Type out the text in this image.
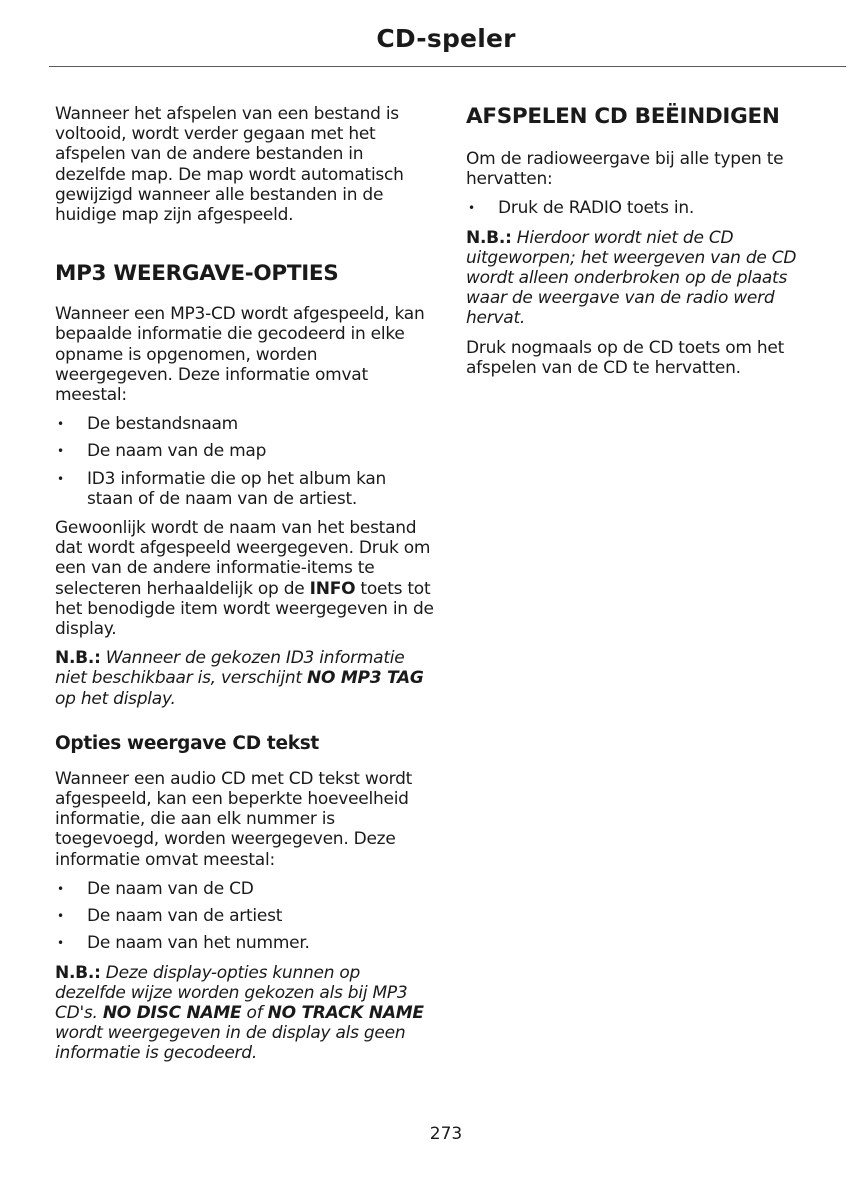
CD-speler

Wanneer het afspelen van een bestand is voltooid, wordt verder gegaan met het afspelen van de andere bestanden in dezelfde map. De map wordt automatisch gewijzigd wanneer alle bestanden in de huidige map zijn afgespeeld.

MP3 WEERGAVE-OPTIES

Wanneer een MP3-CD wordt afgespeeld, kan bepaalde informatie die gecodeerd in elke opname is opgenomen, worden weergegeven. Deze informatie omvat meestal:

• De bestandsnaam
• De naam van de map
• ID3 informatie die op het album kan staan of de naam van de artiest.

Gewoonlijk wordt de naam van het bestand dat wordt afgespeeld weergegeven. Druk om een van de andere informatie-items te selecteren herhaaldelijk op de INFO toets tot het benodigde item wordt weergegeven in de display.

N.B.: Wanneer de gekozen ID3 informatie niet beschikbaar is, verschijnt NO MP3 TAG op het display.

Opties weergave CD tekst

Wanneer een audio CD met CD tekst wordt afgespeeld, kan een beperkte hoeveelheid informatie, die aan elk nummer is toegevoegd, worden weergegeven. Deze informatie omvat meestal:

• De naam van de CD
• De naam van de artiest
• De naam van het nummer.

N.B.: Deze display-opties kunnen op dezelfde wijze worden gekozen als bij MP3 CD's. NO DISC NAME of NO TRACK NAME wordt weergegeven in de display als geen informatie is gecodeerd.

AFSPELEN CD BEËINDIGEN

Om de radioweergave bij alle typen te hervatten:

• Druk de RADIO toets in.

N.B.: Hierdoor wordt niet de CD uitgeworpen; het weergeven van de CD wordt alleen onderbroken op de plaats waar de weergave van de radio werd hervat.

Druk nogmaals op de CD toets om het afspelen van de CD te hervatten.

273
